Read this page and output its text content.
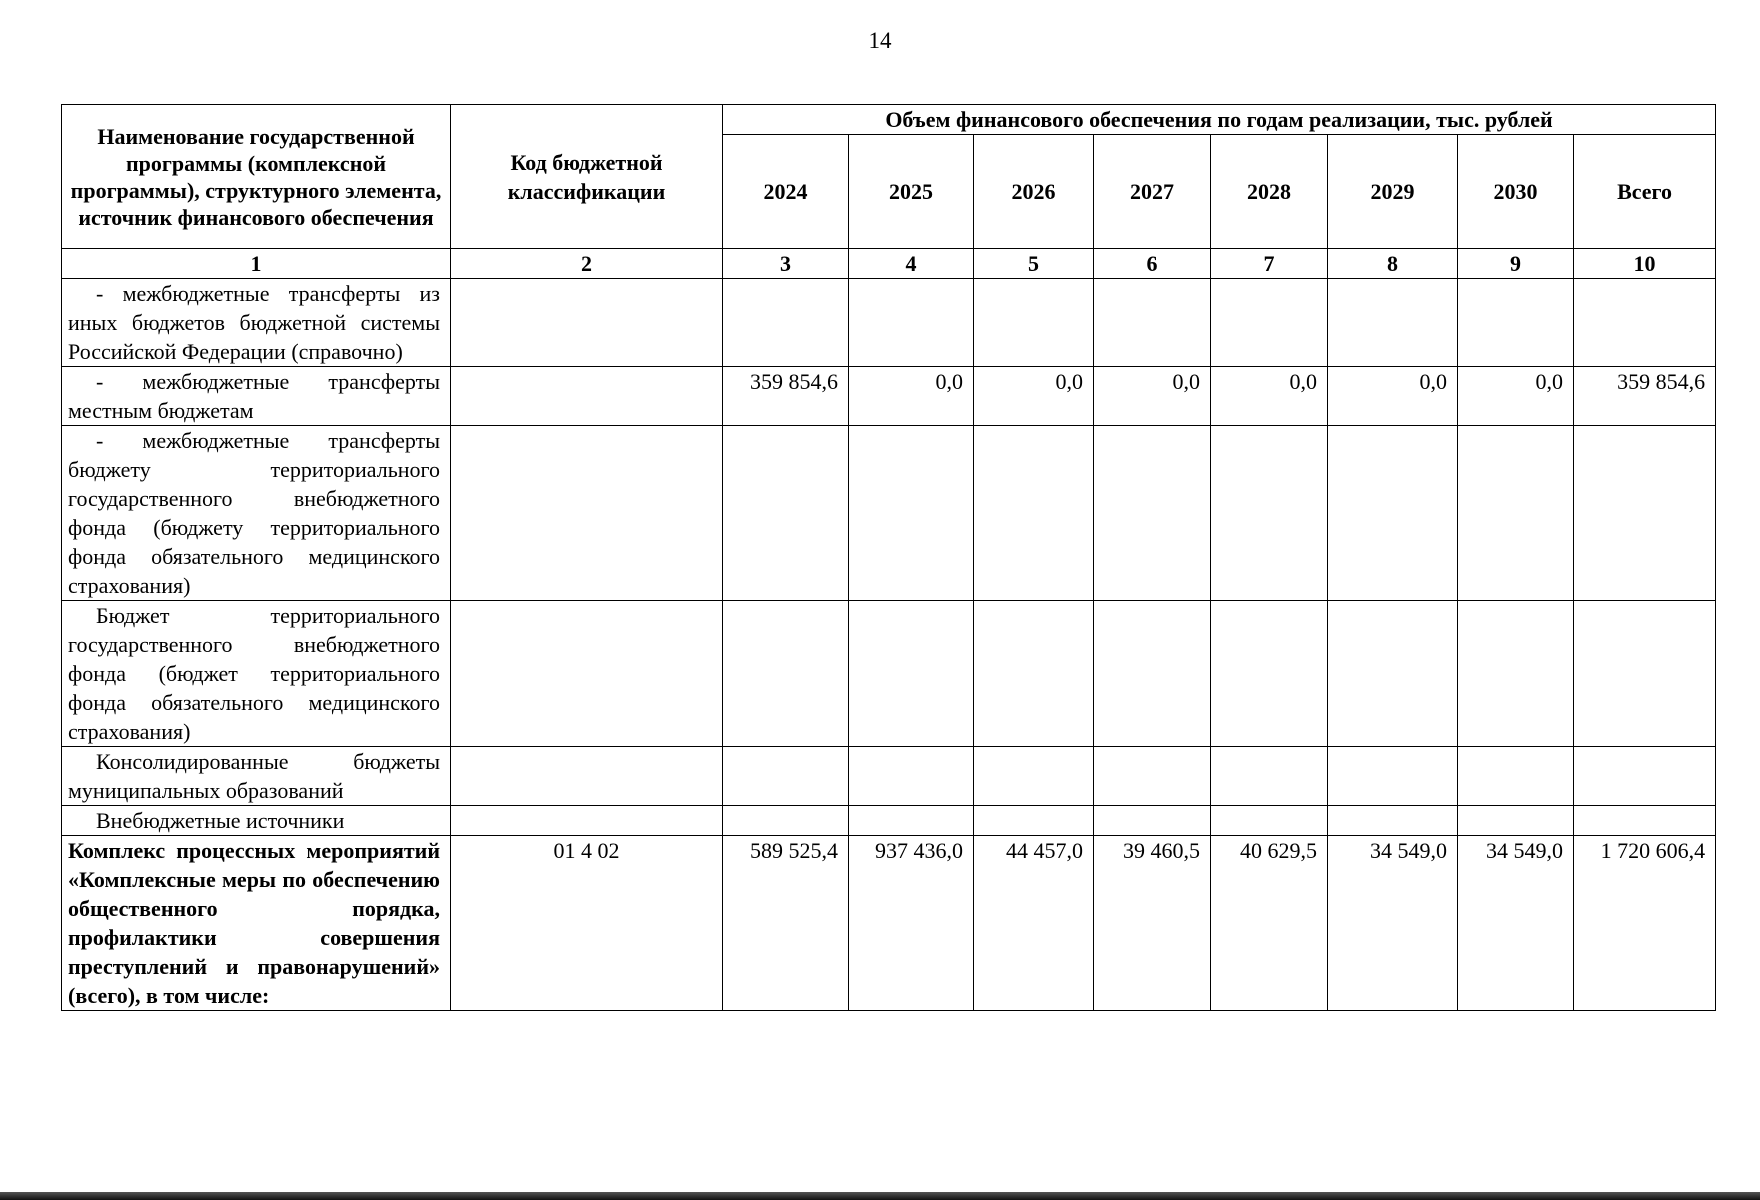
14
Наименование государственной программы (комплексной программы), структурного элемента, источник финансового обеспечения	Код бюджетной классификации	Объем финансового обеспечения по годам реализации, тыс. рублей							
		2024	2025	2026	2027	2028	2029	2030	Всего
1	2	3	4	5	6	7	8	9	10
- межбюджетные трансферты из иных бюджетов бюджетной системы Российской Федерации (справочно)									
- межбюджетные трансферты местным бюджетам		359 854,6	0,0	0,0	0,0	0,0	0,0	0,0	359 854,6
- межбюджетные трансферты бюджету территориального государственного внебюджетного фонда (бюджету территориального фонда обязательного медицинского страхования)									
Бюджет территориального государственного внебюджетного фонда (бюджет территориального фонда обязательного медицинского страхования)									
Консолидированные бюджеты муниципальных образований									
Внебюджетные источники									
Комплекс процессных мероприятий «Комплексные меры по обеспечению общественного порядка, профилактики совершения преступлений и правонарушений» (всего), в том числе:	01 4 02	589 525,4	937 436,0	44 457,0	39 460,5	40 629,5	34 549,0	34 549,0	1 720 606,4
